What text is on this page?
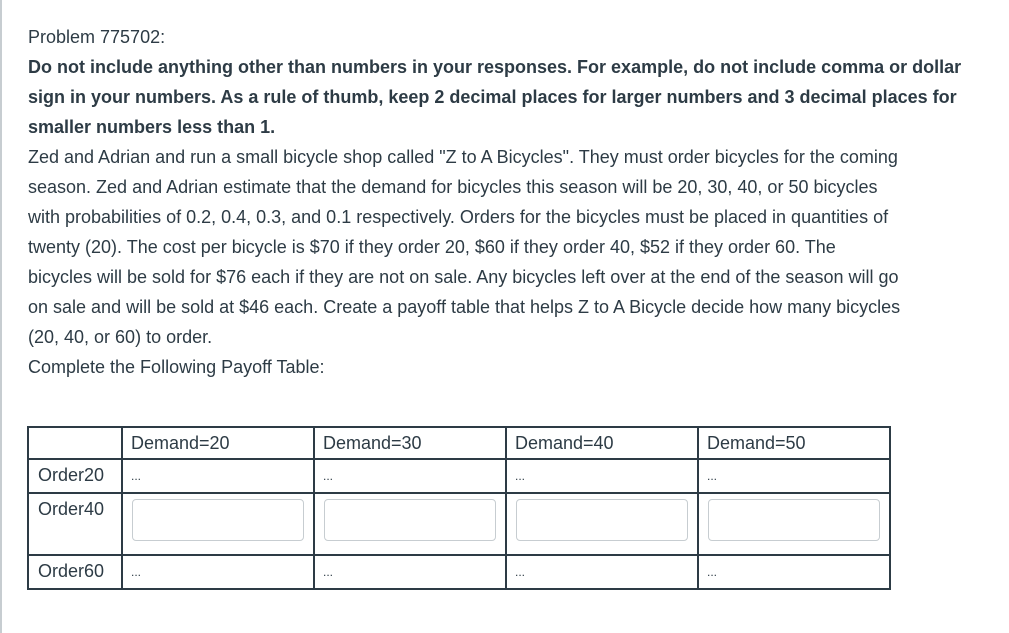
Problem 775702:
Do not include anything other than numbers in your responses. For example, do not include comma or dollar
sign in your numbers. As a rule of thumb, keep 2 decimal places for larger numbers and 3 decimal places for
smaller numbers less than 1.
Zed and Adrian and run a small bicycle shop called "Z to A Bicycles". They must order bicycles for the coming
season. Zed and Adrian estimate that the demand for bicycles this season will be 20, 30, 40, or 50 bicycles
with probabilities of 0.2, 0.4, 0.3, and 0.1 respectively. Orders for the bicycles must be placed in quantities of
twenty (20). The cost per bicycle is $70 if they order 20, $60 if they order 40, $52 if they order 60. The
bicycles will be sold for $76 each if they are not on sale. Any bicycles left over at the end of the season will go
on sale and will be sold at $46 each. Create a payoff table that helps Z to A Bicycle decide how many bicycles
(20, 40, or 60) to order.
Complete the Following Payoff Table:
	Demand=20	Demand=30	Demand=40	Demand=50
Order20	...	...	...	...

Order40	

Order60	...	...	...	...
